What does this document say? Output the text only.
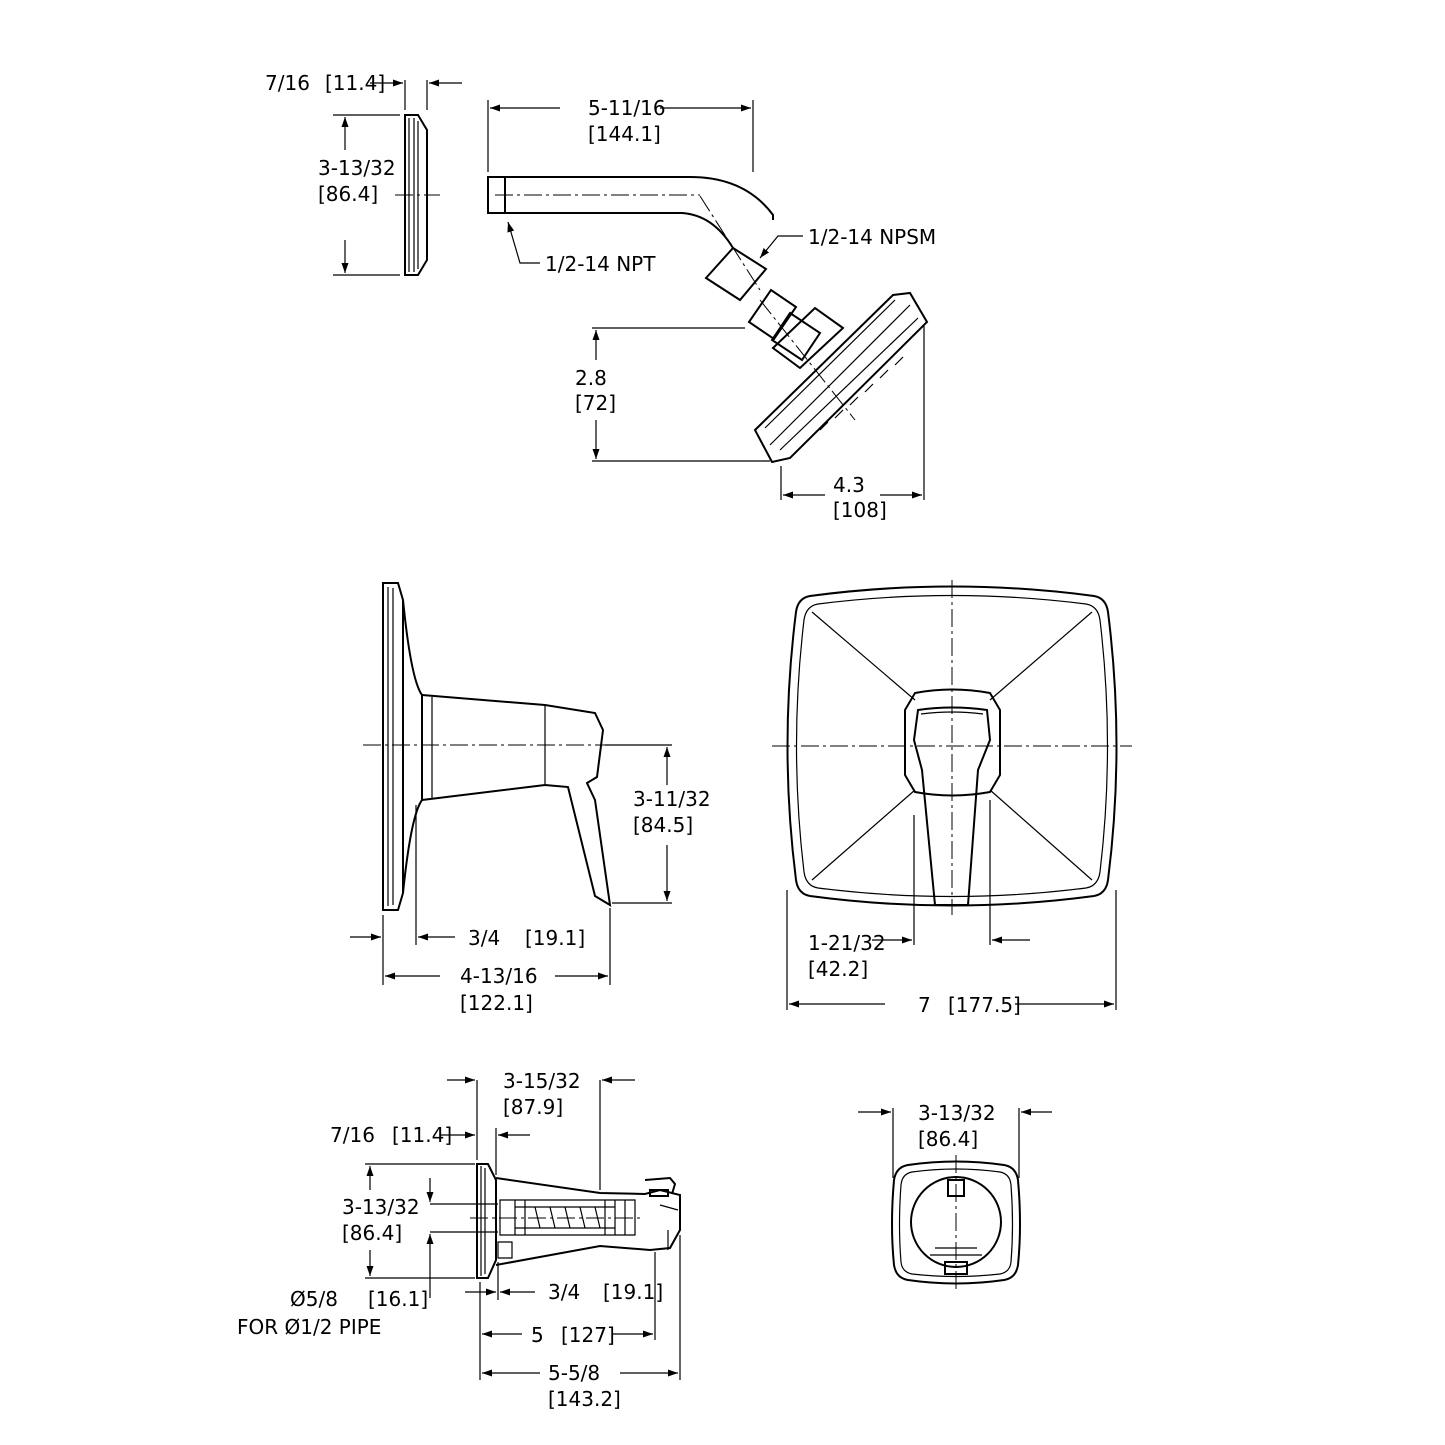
7/16 [11.4]
3-13/32
[86.4]
5-11/16
[144.1]
1/2-14 NPT
1/2-14 NPSM
2.8
[72]
4.3
[108]
3-11/32
[84.5]
3/4 [19.1]
4-13/16
[122.1]
1-21/32
[42.2]
7 [177.5]
3-15/32
[87.9]
7/16 [11.4]
3-13/32
[86.4]
Ø5/8 [16.1]
FOR Ø1/2 PIPE
3/4 [19.1]
5 [127]
5-5/8
[143.2]
3-13/32
[86.4]
